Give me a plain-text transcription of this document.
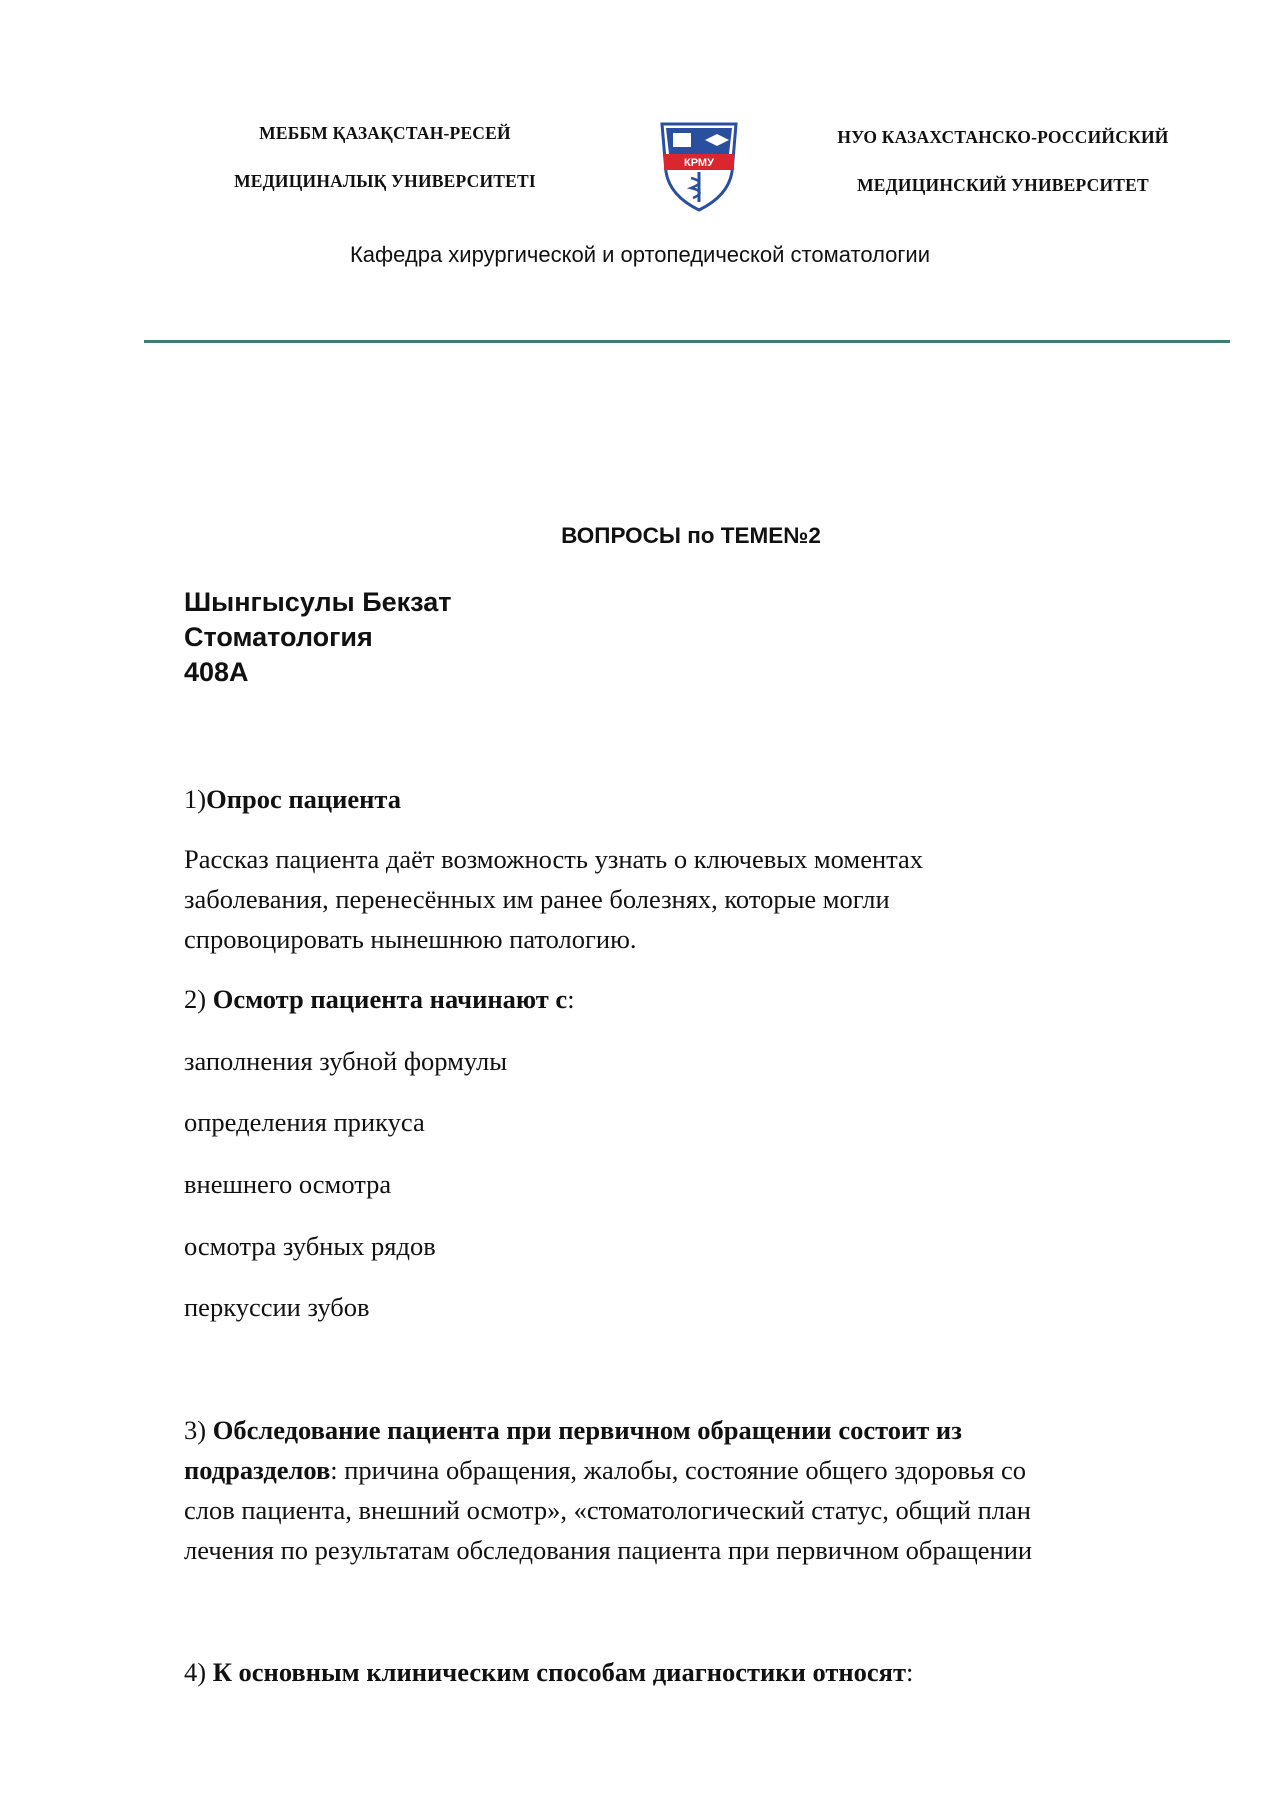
МЕББМ ҚАЗАҚСТАН-РЕСЕЙ
МЕДИЦИНАЛЫҚ УНИВЕРСИТЕТІ
КРМУ
НУО КАЗАХСТАНСКО-РОССИЙСКИЙ
МЕДИЦИНСКИЙ УНИВЕРСИТЕТ
Кафедра хирургической и ортопедической стоматологии
ВОПРОСЫ по ТЕМЕ№2
Шынгысулы Бекзат
Стоматология
408А
1)Опрос пациента
Рассказ пациента даёт возможность узнать о ключевых моментах
заболевания, перенесённых им ранее болезнях, которые могли
спровоцировать нынешнюю патологию.
2) Осмотр пациента начинают с:
заполнения зубной формулы
определения прикуса
внешнего осмотра
осмотра зубных рядов
перкуссии зубов
3) Обследование пациента при первичном обращении состоит из
подразделов: причина обращения, жалобы, состояние общего здоровья со
слов пациента, внешний осмотр», «стоматологический статус, общий план
лечения по результатам обследования пациента при первичном обращении
4) К основным клиническим способам диагностики относят:
